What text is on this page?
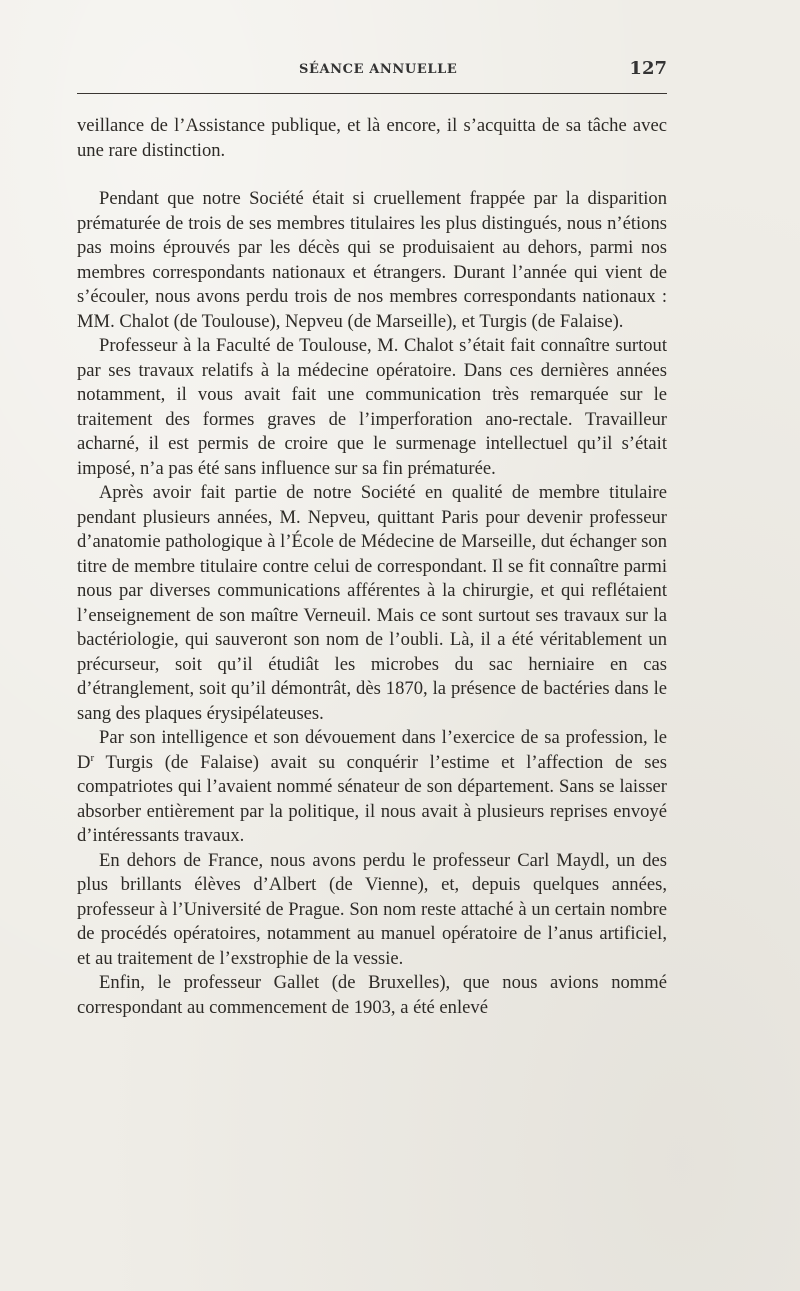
SÉANCE ANNUELLE	127

veillance de l’Assistance publique, et là encore, il s’acquitta de sa tâche avec une rare distinction.

Pendant que notre Société était si cruellement frappée par la disparition prématurée de trois de ses membres titulaires les plus distingués, nous n’étions pas moins éprouvés par les décès qui se produisaient au dehors, parmi nos membres correspondants nationaux et étrangers. Durant l’année qui vient de s’écouler, nous avons perdu trois de nos membres correspondants nationaux : MM. Chalot (de Toulouse), Nepveu (de Marseille), et Turgis (de Falaise).

Professeur à la Faculté de Toulouse, M. Chalot s’était fait connaître surtout par ses travaux relatifs à la médecine opératoire. Dans ces dernières années notamment, il vous avait fait une communication très remarquée sur le traitement des formes graves de l’imperforation ano-rectale. Travailleur acharné, il est permis de croire que le surmenage intellectuel qu’il s’était imposé, n’a pas été sans influence sur sa fin prématurée.

Après avoir fait partie de notre Société en qualité de membre titulaire pendant plusieurs années, M. Nepveu, quittant Paris pour devenir professeur d’anatomie pathologique à l’École de Médecine de Marseille, dut échanger son titre de membre titulaire contre celui de correspondant. Il se fit connaître parmi nous par diverses communications afférentes à la chirurgie, et qui reflétaient l’enseignement de son maître Verneuil. Mais ce sont surtout ses travaux sur la bactériologie, qui sauveront son nom de l’oubli. Là, il a été véritablement un précurseur, soit qu’il étudiât les microbes du sac herniaire en cas d’étranglement, soit qu’il démontrât, dès 1870, la présence de bactéries dans le sang des plaques érysipélateuses.

Par son intelligence et son dévouement dans l’exercice de sa profession, le $D^r$ Turgis (de Falaise) avait su conquérir l’estime et l’affection de ses compatriotes qui l’avaient nommé sénateur de son département. Sans se laisser absorber entièrement par la politique, il nous avait à plusieurs reprises envoyé d’intéressants travaux.

En dehors de France, nous avons perdu le professeur Carl Maydl, un des plus brillants élèves d’Albert (de Vienne), et, depuis quelques années, professeur à l’Université de Prague. Son nom reste attaché à un certain nombre de procédés opératoires, notamment au manuel opératoire de l’anus artificiel, et au traitement de l’exstrophie de la vessie.

Enfin, le professeur Gallet (de Bruxelles), que nous avions nommé correspondant au commencement de 1903, a été enlevé
